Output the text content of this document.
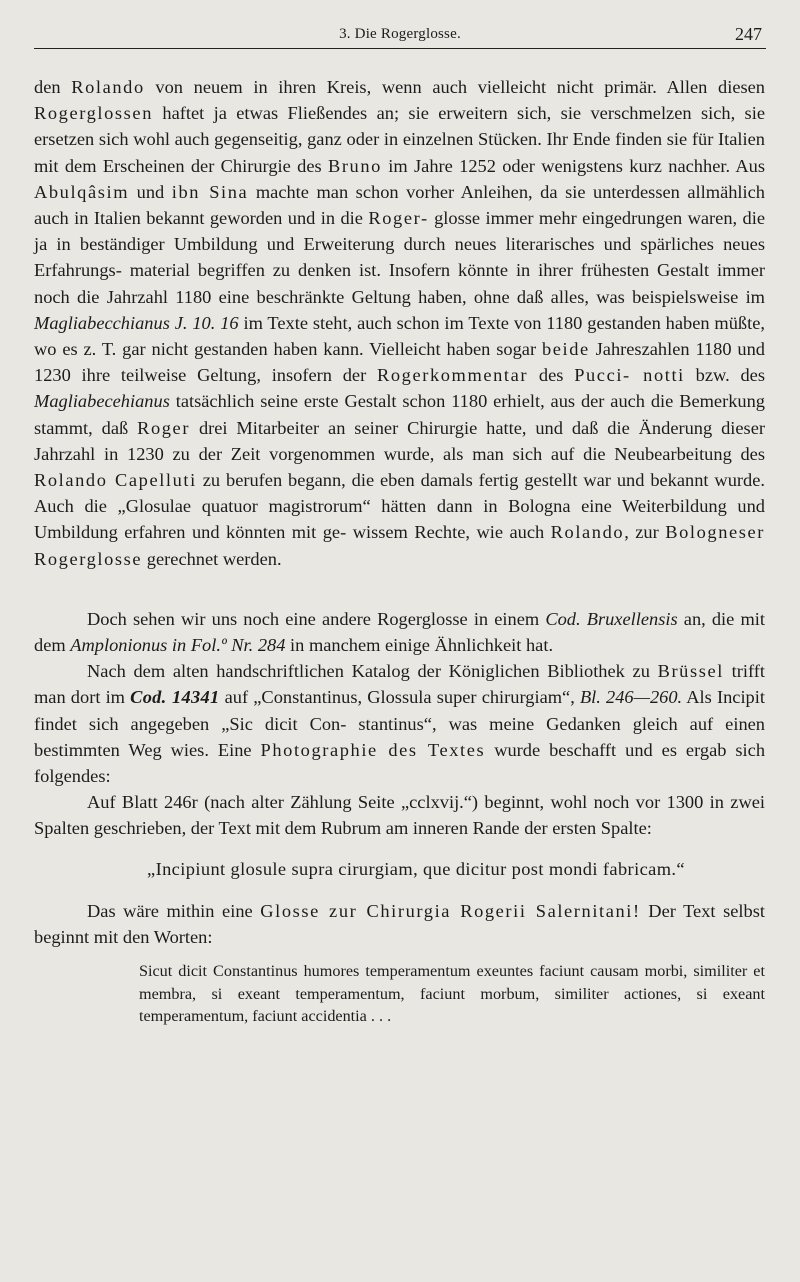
3. Die Rogerglosse.	247

den Rolando von neuem in ihren Kreis, wenn auch vielleicht nicht primär. Allen diesen Rogerglossen haftet ja etwas Fließendes an; sie erweitern sich, sie verschmelzen sich, sie ersetzen sich wohl auch gegenseitig, ganz oder in einzelnen Stücken. Ihr Ende finden sie für Italien mit dem Erscheinen der Chirurgie des Bruno im Jahre 1252 oder wenigstens kurz nachher. Aus Abulqâsim und ibn Sina machte man schon vorher Anleihen, da sie unterdessen allmählich auch in Italien bekannt geworden und in die Roger- glosse immer mehr eingedrungen waren, die ja in beständiger Umbildung und Erweiterung durch neues literarisches und spärliches neues Erfahrungs- material begriffen zu denken ist. Insofern könnte in ihrer frühesten Gestalt immer noch die Jahrzahl 1180 eine beschränkte Geltung haben, ohne daß alles, was beispielsweise im Magliabecchianus J. 10. 16 im Texte steht, auch schon im Texte von 1180 gestanden haben müßte, wo es z. T. gar nicht gestanden haben kann. Vielleicht haben sogar beide Jahreszahlen 1180 und 1230 ihre teilweise Geltung, insofern der Rogerkommentar des Pucci- notti bzw. des Magliabecehianus tatsächlich seine erste Gestalt schon 1180 erhielt, aus der auch die Bemerkung stammt, daß Roger drei Mitarbeiter an seiner Chirurgie hatte, und daß die Änderung dieser Jahrzahl in 1230 zu der Zeit vorgenommen wurde, als man sich auf die Neubearbeitung des Rolando Capelluti zu berufen begann, die eben damals fertig gestellt war und bekannt wurde. Auch die „Glosulae quatuor magistrorum“ hätten dann in Bologna eine Weiterbildung und Umbildung erfahren und könnten mit ge- wissem Rechte, wie auch Rolando, zur Bologneser Rogerglosse gerechnet werden.

Doch sehen wir uns noch eine andere Rogerglosse in einem Cod. Bruxellensis an, die mit dem Amplonionus in Fol.º Nr. 284 in manchem einige Ähnlichkeit hat.

Nach dem alten handschriftlichen Katalog der Königlichen Bibliothek zu Brüssel trifft man dort im Cod. 14341 auf „Constantinus, Glossula super chirurgiam“, Bl. 246—260. Als Incipit findet sich angegeben „Sic dicit Con- stantinus“, was meine Gedanken gleich auf einen bestimmten Weg wies. Eine Photographie des Textes wurde beschafft und es ergab sich folgendes:

Auf Blatt 246r (nach alter Zählung Seite „cclxvij.“) beginnt, wohl noch vor 1300 in zwei Spalten geschrieben, der Text mit dem Rubrum am inneren Rande der ersten Spalte:

„Incipiunt glosule supra cirurgiam, que dicitur post mondi fabricam.“

Das wäre mithin eine Glosse zur Chirurgia Rogerii Salernitani! Der Text selbst beginnt mit den Worten:

Sicut dicit Constantinus humores temperamentum exeuntes faciunt causam morbi, similiter et membra, si exeant temperamentum, faciunt morbum, similiter actiones, si exeant temperamentum, faciunt accidentia . . .
